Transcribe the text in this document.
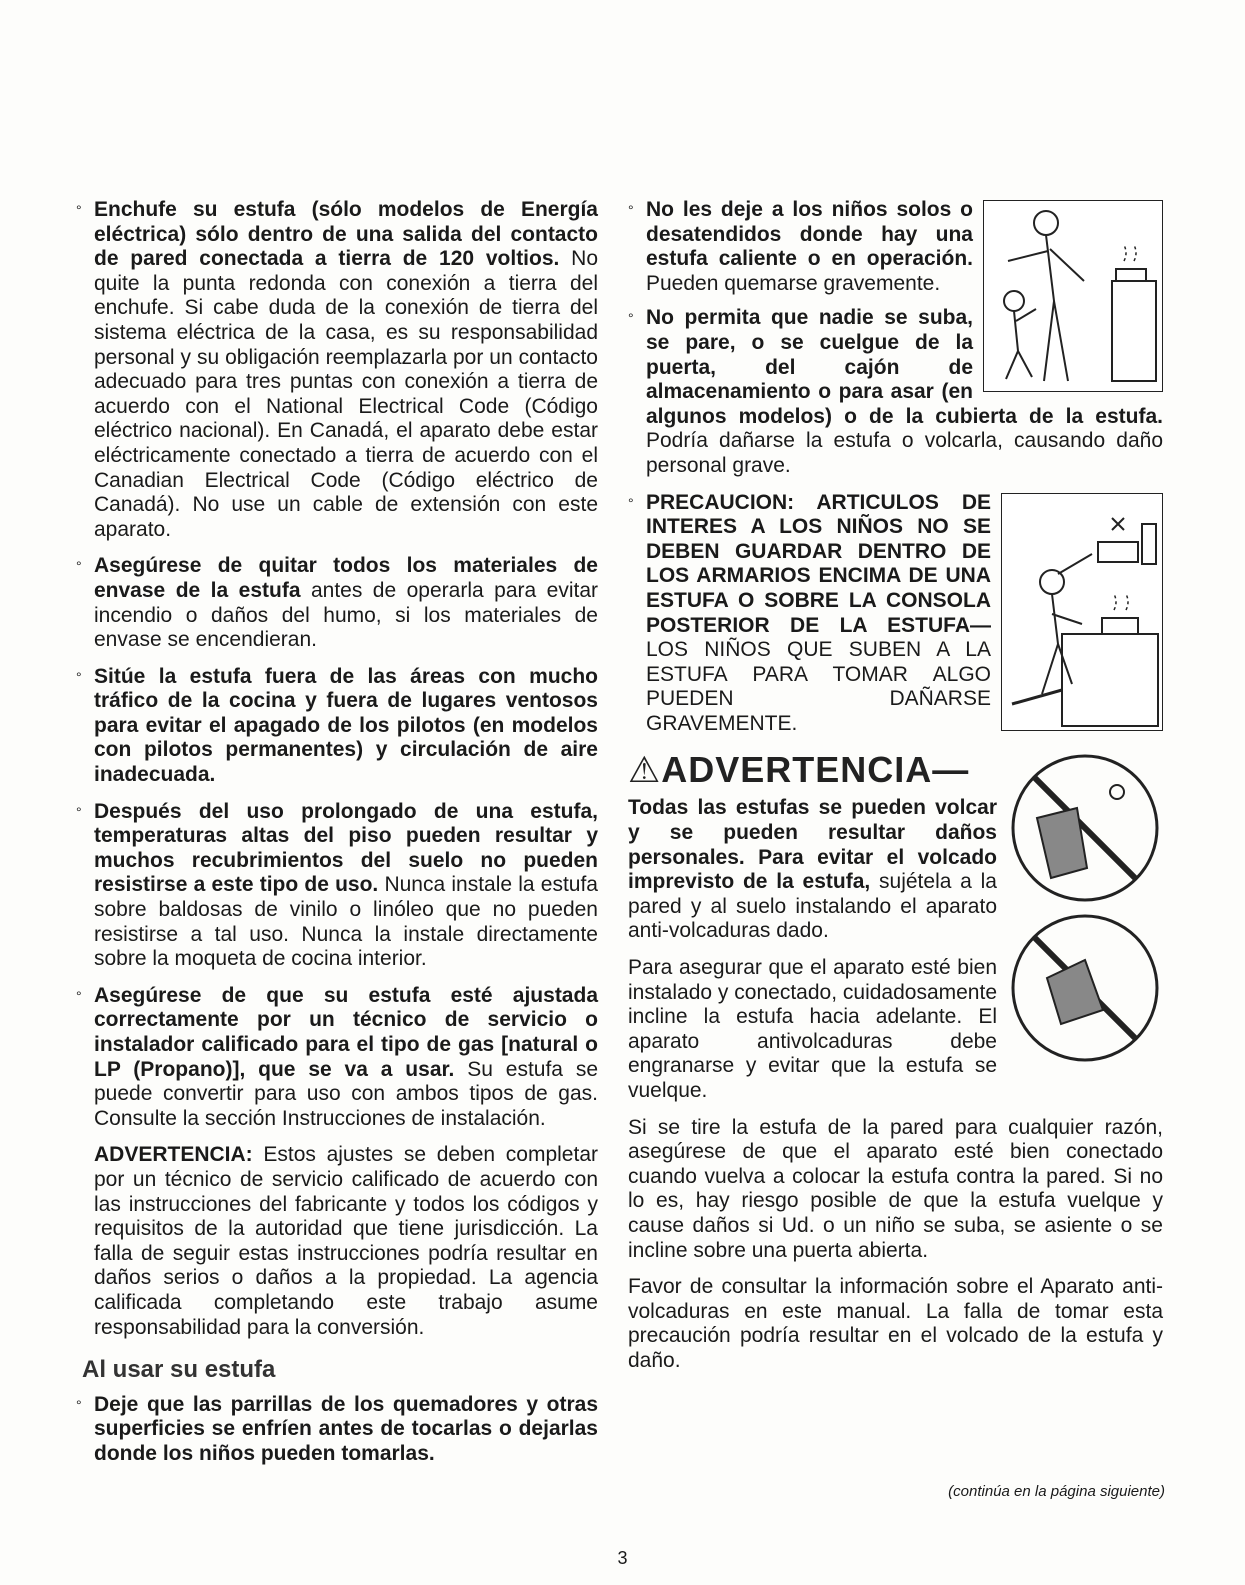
° Enchufe su estufa (sólo modelos de Energía eléctrica) sólo dentro de una salida del contacto de pared conectada a tierra de 120 voltios. No quite la punta redonda con conexión a tierra del enchufe. Si cabe duda de la conexión de tierra del sistema eléctrica de la casa, es su responsabilidad personal y su obligación reemplazarla por un contacto adecuado para tres puntas con conexión a tierra de acuerdo con el National Electrical Code (Código eléctrico nacional). En Canadá, el aparato debe estar eléctricamente conectado a tierra de acuerdo con el Canadian Electrical Code (Código eléctrico de Canadá). No use un cable de extensión con este aparato.
° Asegúrese de quitar todos los materiales de envase de la estufa antes de operarla para evitar incendio o daños del humo, si los materiales de envase se encendieran.
° Sitúe la estufa fuera de las áreas con mucho tráfico de la cocina y fuera de lugares ventosos para evitar el apagado de los pilotos (en modelos con pilotos permanentes) y circulación de aire inadecuada.
° Después del uso prolongado de una estufa, temperaturas altas del piso pueden resultar y muchos recubrimientos del suelo no pueden resistirse a este tipo de uso. Nunca instale la estufa sobre baldosas de vinilo o linóleo que no pueden resistirse a tal uso. Nunca la instale directamente sobre la moqueta de cocina interior.
° Asegúrese de que su estufa esté ajustada correctamente por un técnico de servicio o instalador calificado para el tipo de gas [natural o LP (Propano)], que se va a usar. Su estufa se puede convertir para uso con ambos tipos de gas. Consulte la sección Instrucciones de instalación.
ADVERTENCIA: Estos ajustes se deben completar por un técnico de servicio calificado de acuerdo con las instrucciones del fabricante y todos los códigos y requisitos de la autoridad que tiene jurisdicción. La falla de seguir estas instrucciones podría resultar en daños serios o daños a la propiedad. La agencia calificada completando este trabajo asume responsabilidad para la conversión.
Al usar su estufa
° Deje que las parrillas de los quemadores y otras superficies se enfríen antes de tocarlas o dejarlas donde los niños pueden tomarlas.
° No les deje a los niños solos o desatendidos donde hay una estufa caliente o en operación. Pueden quemarse gravemente.
° No permita que nadie se suba, se pare, o se cuelgue de la puerta, del cajón de almacenamiento o para asar (en algunos modelos) o de la cubierta de la estufa. Podría dañarse la estufa o volcarla, causando daño personal grave.
° PRECAUCION: ARTICULOS DE INTERES A LOS NIÑOS NO SE DEBEN GUARDAR DENTRO DE LOS ARMARIOS ENCIMA DE UNA ESTUFA O SOBRE LA CONSOLA POSTERIOR DE LA ESTUFA— LOS NIÑOS QUE SUBEN A LA ESTUFA PARA TOMAR ALGO PUEDEN DAÑARSE GRAVEMENTE.
⚠ADVERTENCIA—
Todas las estufas se pueden volcar y se pueden resultar daños personales. Para evitar el volcado imprevisto de la estufa, sujétela a la pared y al suelo instalando el aparato anti-volcaduras dado.
Para asegurar que el aparato esté bien instalado y conectado, cuidadosamente incline la estufa hacia adelante. El aparato antivolcaduras debe engranarse y evitar que la estufa se vuelque.
Si se tire la estufa de la pared para cualquier razón, asegúrese de que el aparato esté bien conectado cuando vuelva a colocar la estufa contra la pared. Si no lo es, hay riesgo posible de que la estufa vuelque y cause daños si Ud. o un niño se suba, se asiente o se incline sobre una puerta abierta.
Favor de consultar la información sobre el Aparato anti-volcaduras en este manual. La falla de tomar esta precaución podría resultar en el volcado de la estufa y daño.
(continúa en la página siguiente)
3
